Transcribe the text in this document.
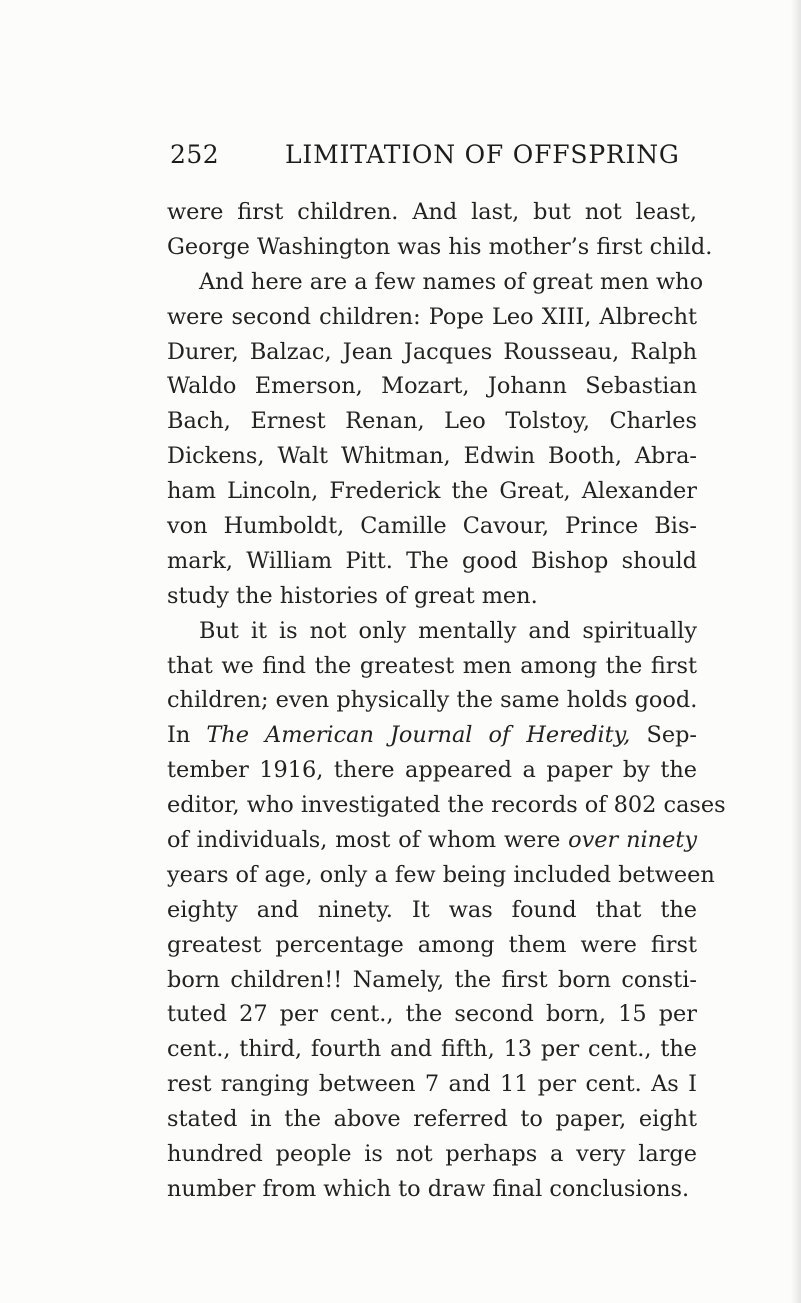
252	LIMITATION OF OFFSPRING
were first children. And last, but not least,
George Washington was his mother’s first child.
And here are a few names of great men who
were second children: Pope Leo XIII, Albrecht
Durer, Balzac, Jean Jacques Rousseau, Ralph
Waldo Emerson, Mozart, Johann Sebastian
Bach, Ernest Renan, Leo Tolstoy, Charles
Dickens, Walt Whitman, Edwin Booth, Abra-
ham Lincoln, Frederick the Great, Alexander
von Humboldt, Camille Cavour, Prince Bis-
mark, William Pitt. The good Bishop should
study the histories of great men.
But it is not only mentally and spiritually
that we find the greatest men among the first
children; even physically the same holds good.
In The American Journal of Heredity, Sep-
tember 1916, there appeared a paper by the
editor, who investigated the records of 802 cases
of individuals, most of whom were over ninety
years of age, only a few being included between
eighty and ninety. It was found that the
greatest percentage among them were first
born children!! Namely, the first born consti-
tuted 27 per cent., the second born, 15 per
cent., third, fourth and fifth, 13 per cent., the
rest ranging between 7 and 11 per cent. As I
stated in the above referred to paper, eight
hundred people is not perhaps a very large
number from which to draw final conclusions.
